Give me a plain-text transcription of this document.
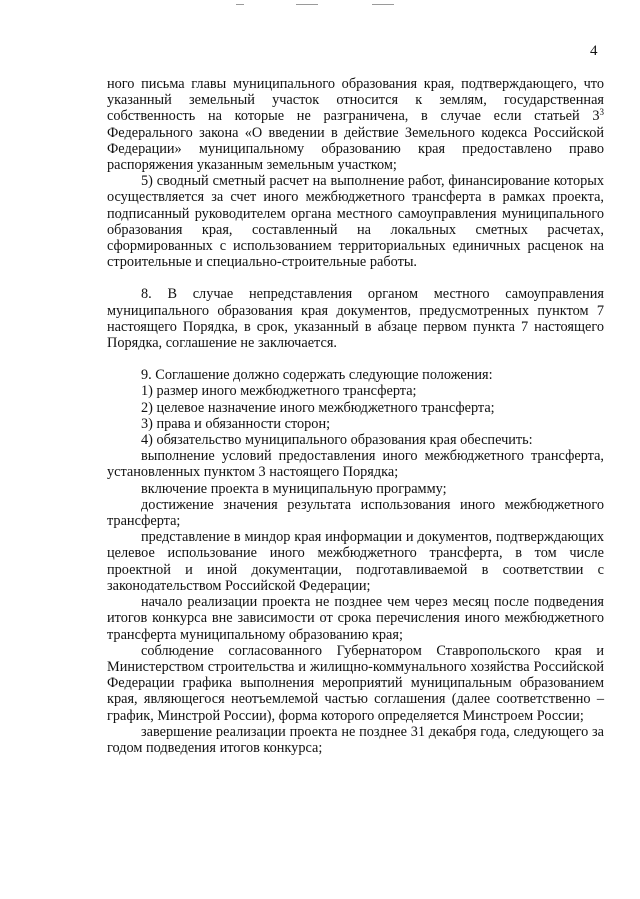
4

ного письма главы муниципального образования края, подтверждающего, что указанный земельный участок относится к землям, государственная собственность на которые не разграничена, в случае если статьей $3^3$ Федерального закона «О введении в действие Земельного кодекса Российской Федерации» муниципальному образованию края предоставлено право распоряжения указанным земельным участком;

5) сводный сметный расчет на выполнение работ, финансирование которых осуществляется за счет иного межбюджетного трансферта в рамках проекта, подписанный руководителем органа местного самоуправления муниципального образования края, составленный на локальных сметных расчетах, сформированных с использованием территориальных единичных расценок на строительные и специально-строительные работы.

8. В случае непредставления органом местного самоуправления муниципального образования края документов, предусмотренных пунктом 7 настоящего Порядка, в срок, указанный в абзаце первом пункта 7 настоящего Порядка, соглашение не заключается.

9. Соглашение должно содержать следующие положения:

1) размер иного межбюджетного трансферта;

2) целевое назначение иного межбюджетного трансферта;

3) права и обязанности сторон;

4) обязательство муниципального образования края обеспечить:

выполнение условий предоставления иного межбюджетного трансферта, установленных пунктом 3 настоящего Порядка;

включение проекта в муниципальную программу;

достижение значения результата использования иного межбюджетного трансферта;

представление в миндор края информации и документов, подтверждающих целевое использование иного межбюджетного трансферта, в том числе проектной и иной документации, подготавливаемой в соответствии с законодательством Российской Федерации;

начало реализации проекта не позднее чем через месяц после подведения итогов конкурса вне зависимости от срока перечисления иного межбюджетного трансферта муниципальному образованию края;

соблюдение согласованного Губернатором Ставропольского края и Министерством строительства и жилищно-коммунального хозяйства Российской Федерации графика выполнения мероприятий муниципальным образованием края, являющегося неотъемлемой частью соглашения (далее соответственно – график, Минстрой России), форма которого определяется Минстроем России;

завершение реализации проекта не позднее 31 декабря года, следующего за годом подведения итогов конкурса;
